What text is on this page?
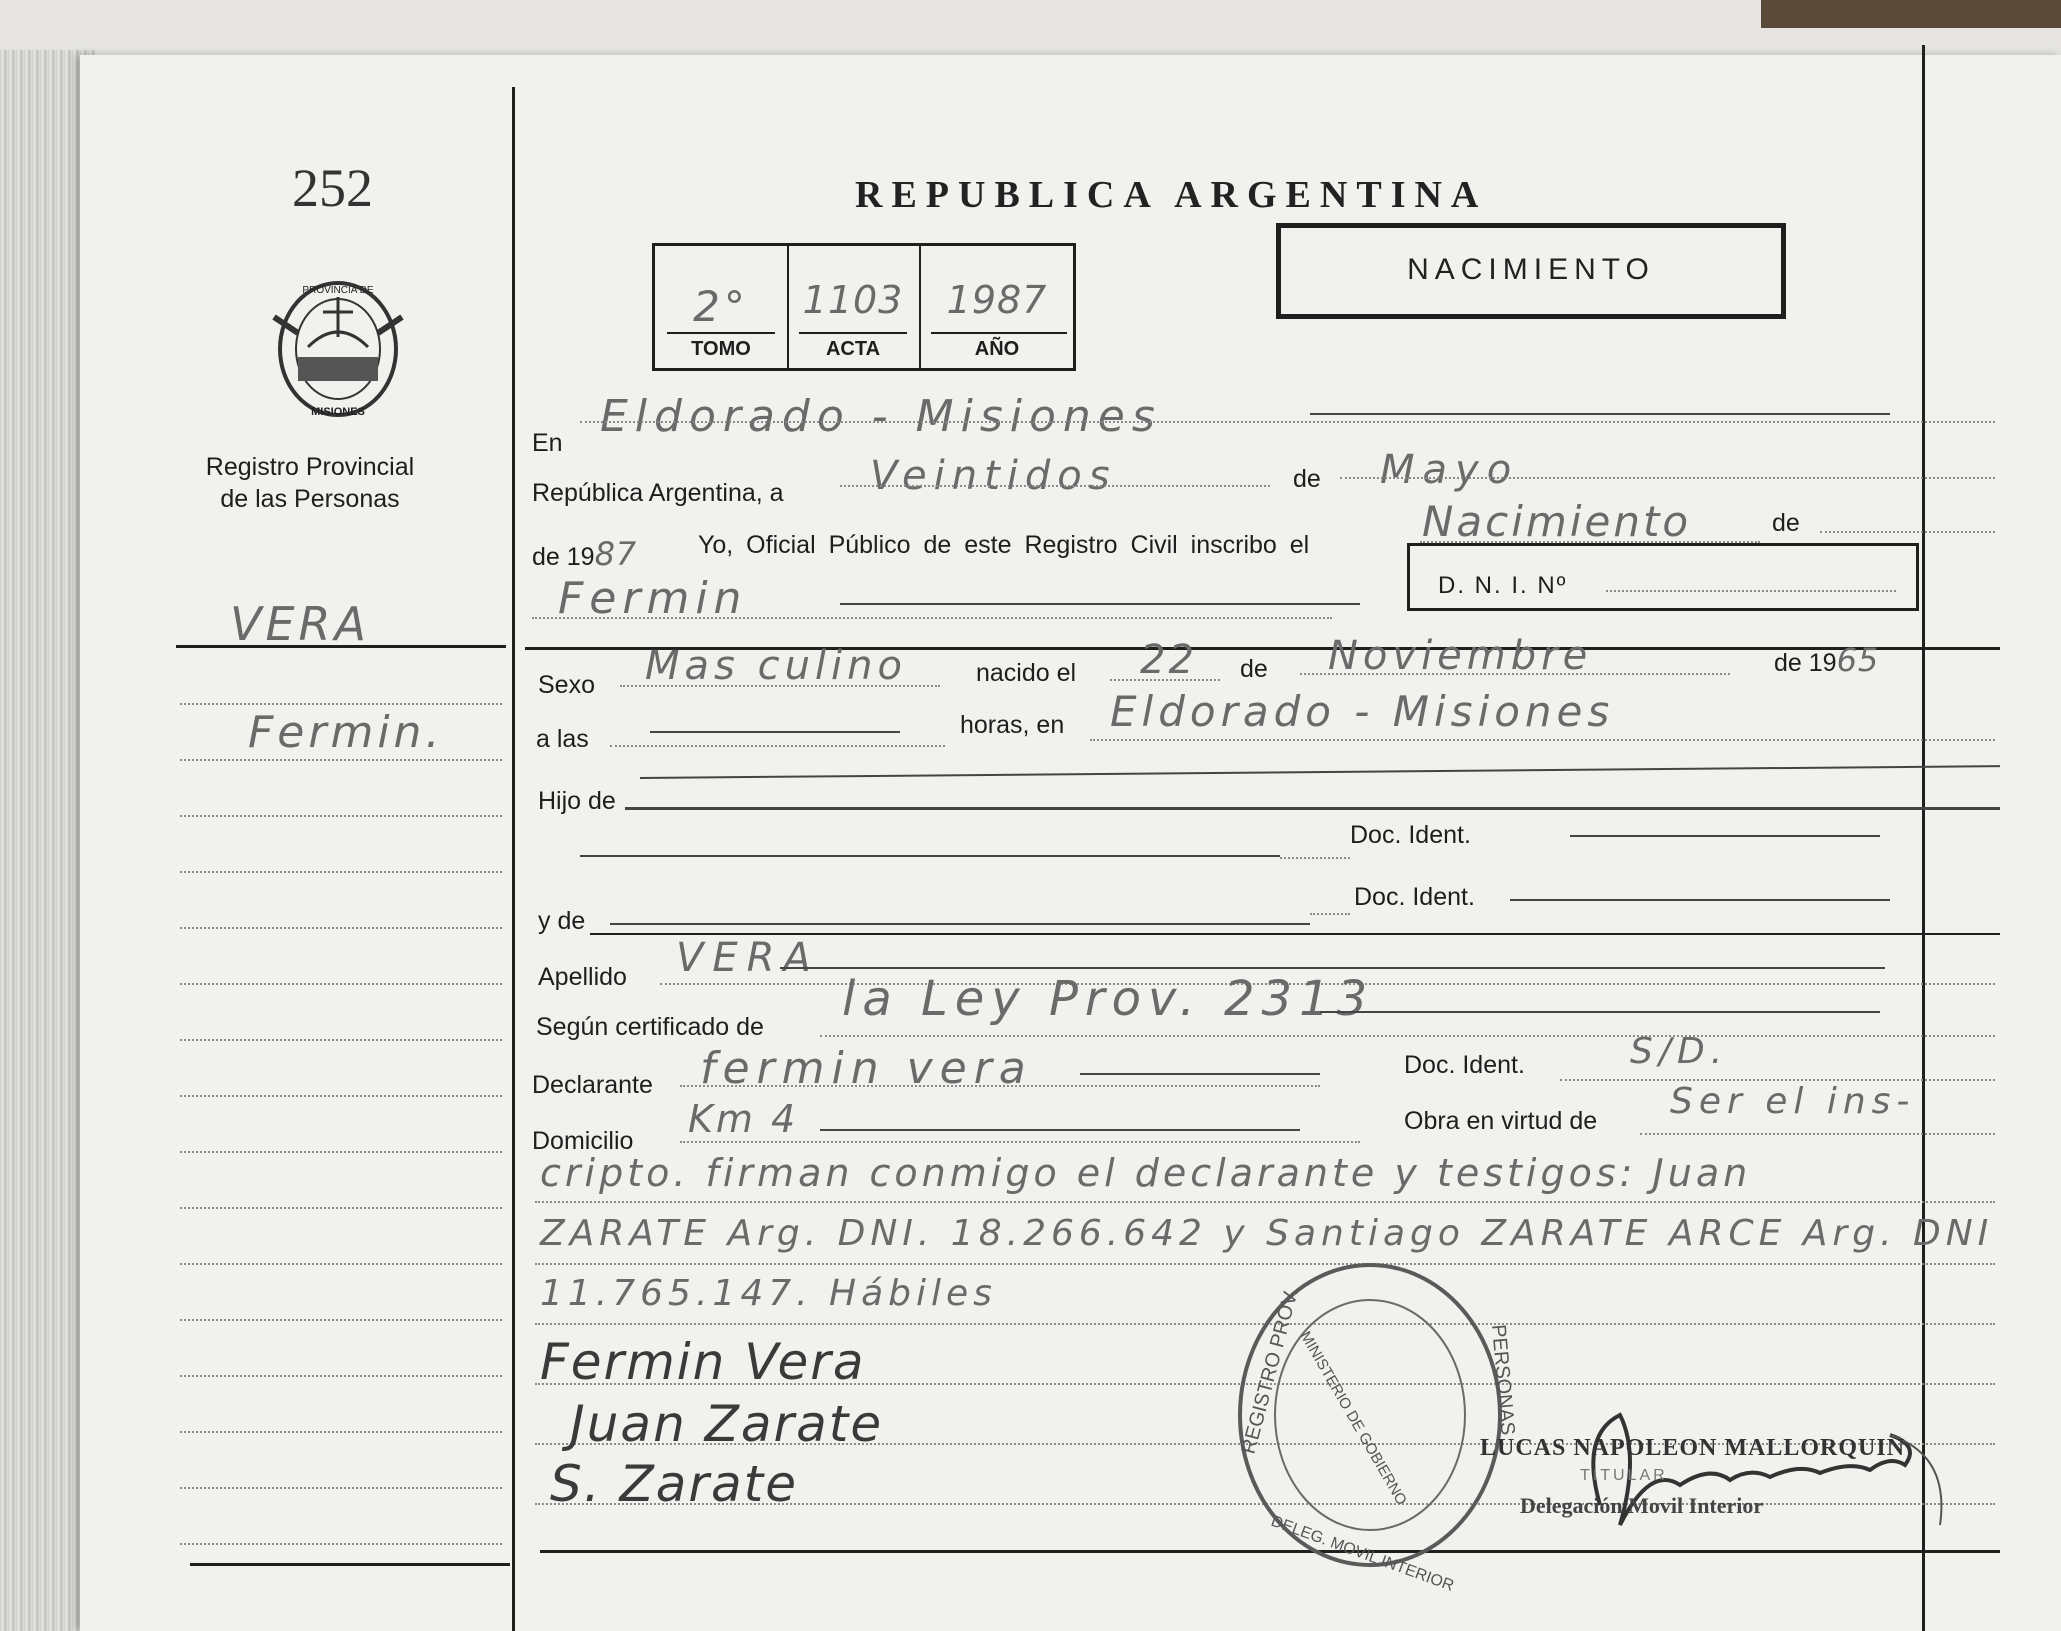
252
PROVINCIA DE
MISIONES
Registro Provincial
de las Personas
VERA
Fermin.
REPUBLICA ARGENTINA
2°	1103	1987
TOMO	ACTA	AÑO
NACIMIENTO
En
Eldorado - Misiones
República Argentina, a Veintidos	de Mayo
de 1987 Yo, Oficial Público de este Registro Civil inscribo el	Nacimiento	de
Fermin	D. N. I. Nº
Sexo Mas culino	nacido el 22 de Noviembre	de 1965
a las	horas, en Eldorado - Misiones
Hijo de
Doc. Ident.
y de
Doc. Ident.
Apellido VERA
Según certificado de la Ley Prov. 2313
Declarante fermin vera	Doc. Ident.	S/D.
Domicilio Km 4	Obra en virtud de Ser el ins-
cripto. firman conmigo el declarante y testigos: Juan
ZARATE Arg. DNI. 18.266.642 y Santiago ZARATE ARCE Arg. DNI
11.765.147. Hábiles
Fermin Vera
Juan Zarate
S. Zarate
REGISTRO PROV.	PERSONAS
MINISTERIO DE GOBIERNO
DELEG. MOVIL INTERIOR
LUCAS NAPOLEON MALLORQUIN
TITULAR
Delegación Movil Interior
